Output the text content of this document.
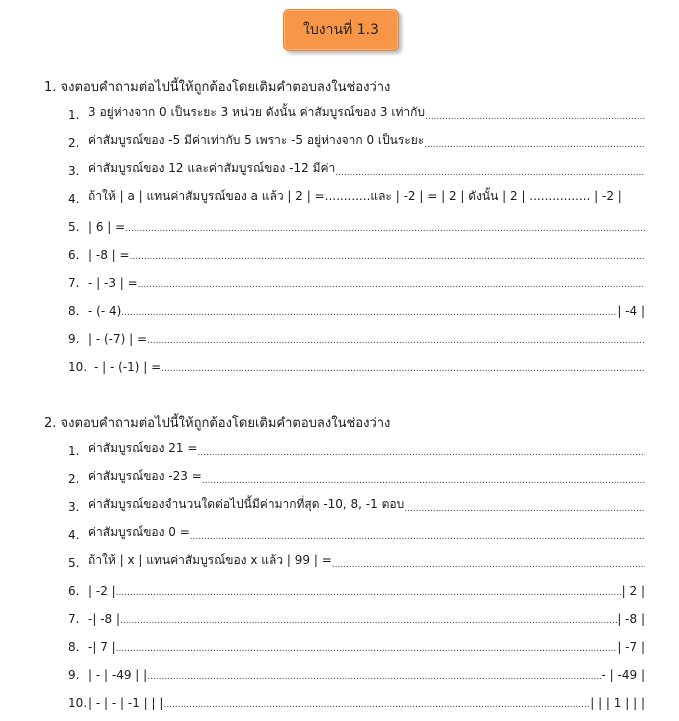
ใบงานที่ 1.3
1. จงตอบคำถามต่อไปนี้ให้ถูกต้องโดยเติมคำตอบลงในช่องว่าง
1. 3 อยู่ห่างจาก 0 เป็นระยะ 3 หน่วย ดังนั้น ค่าสัมบูรณ์ของ 3 เท่ากับ
.....
2. ค่าสัมบูรณ์ของ -5 มีค่าเท่ากับ 5 เพราะ -5 อยู่ห่างจาก 0 เป็นระยะ
.....
3. ค่าสัมบูรณ์ของ 12 และค่าสัมบูรณ์ของ -12 มีค่า
.....
4. ถ้าให้ | a | แทนค่าสัมบูรณ์ของ a แล้ว | 2 | =............และ | -2 | = | 2 | ดังนั้น | 2 | ................ | -2 |
5. | 6 | =
.....
6. | -8 | =
.....
7. - | -3 | =
.....
8. - (- 4) .....	| -4 |
9. | - (-7) | =
.....
10. - | - (-1) | =
.....
2. จงตอบคำถามต่อไปนี้ให้ถูกต้องโดยเติมคำตอบลงในช่องว่าง
1. ค่าสัมบูรณ์ของ 21 =
.....
2. ค่าสัมบูรณ์ของ -23 =
.....
3. ค่าสัมบูรณ์ของจำนวนใดต่อไปนี้มีค่ามากที่สุด -10, 8, -1 ตอบ
.....
4. ค่าสัมบูรณ์ของ 0 =
.....
5. ถ้าให้ | x | แทนค่าสัมบูรณ์ของ x แล้ว | 99 | =
.....
6. | -2 | .....	| 2 |
7. -| -8 | .....	| -8 |
8. -| 7 | .....	| -7 |
9. | - | -49 | | .....	- | -49 |
10. | - | - | -1 | | | .....	| | | 1 | | |
